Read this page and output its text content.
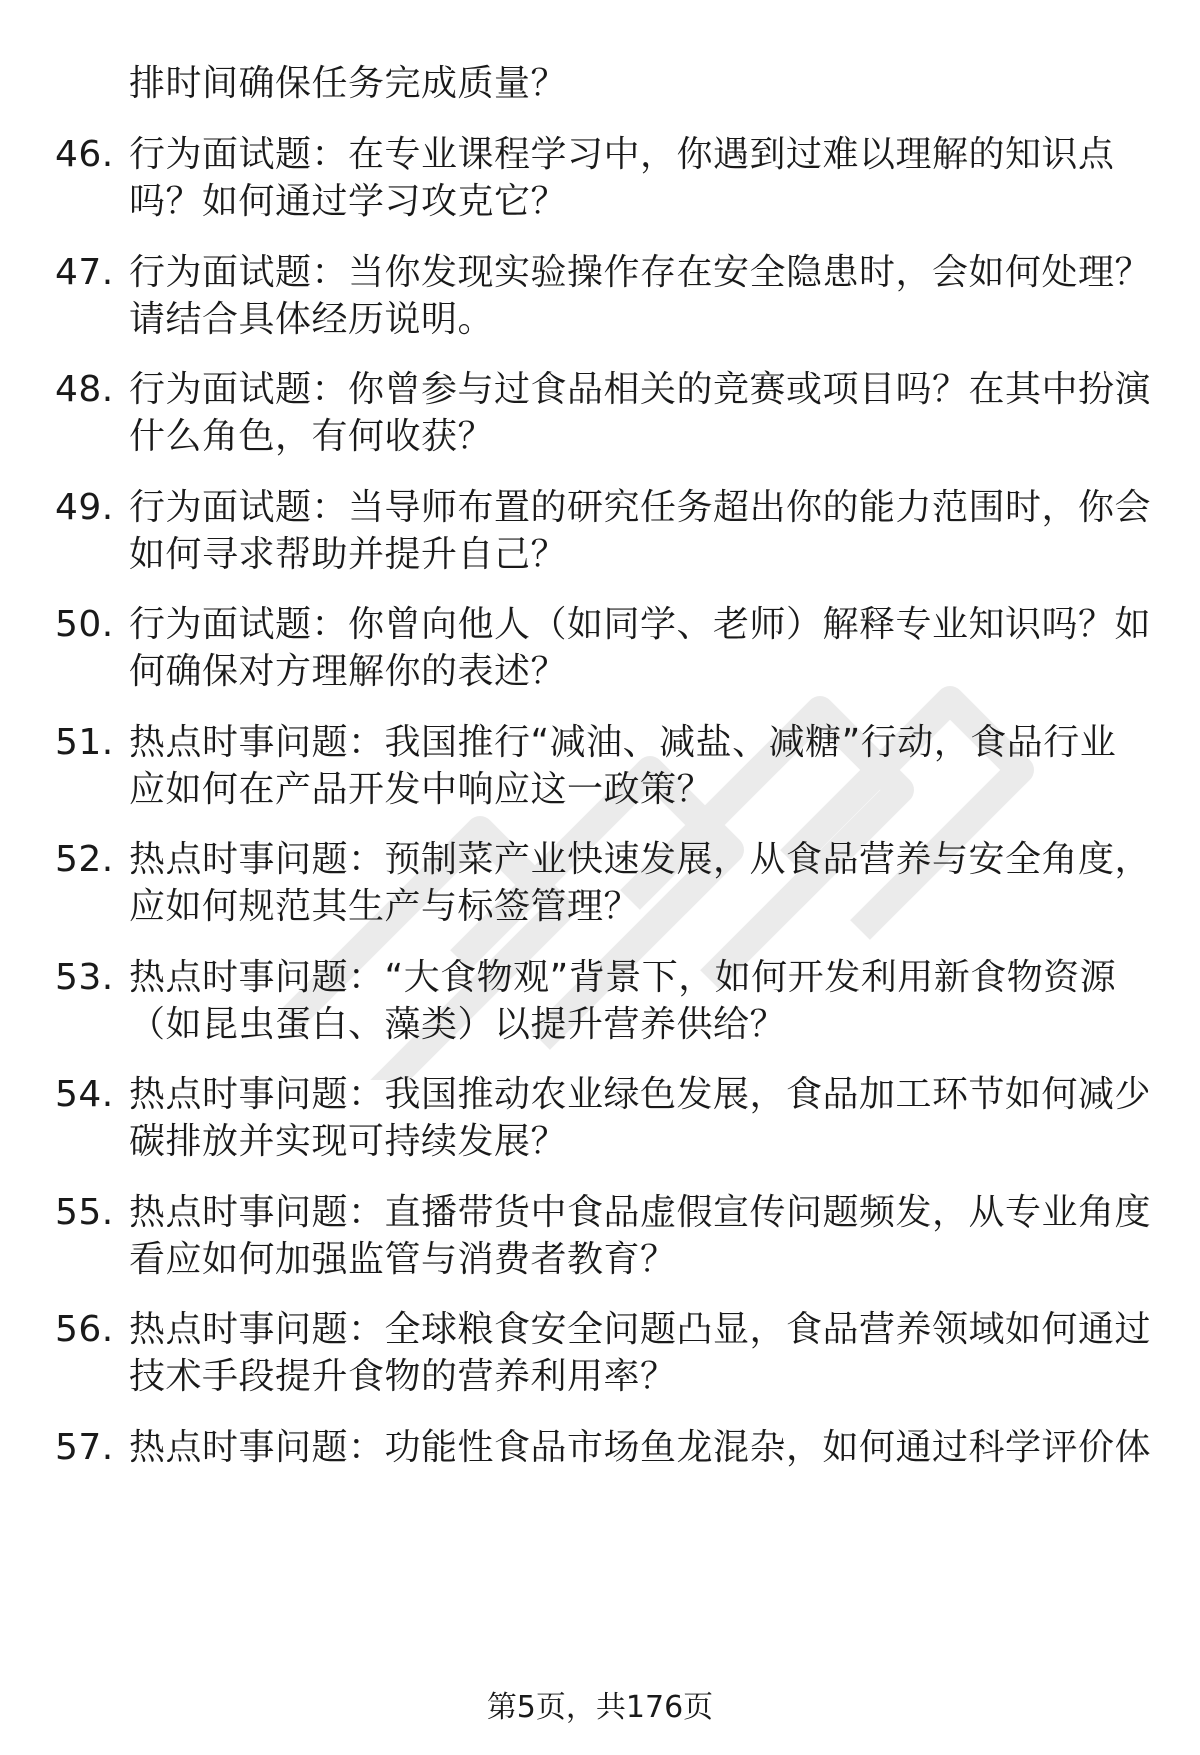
排时间确保任务完成质量？
46. 行为面试题：在专业课程学习中，你遇到过难以理解的知识点
吗？如何通过学习攻克它？
47. 行为面试题：当你发现实验操作存在安全隐患时，会如何处理？
请结合具体经历说明。
48. 行为面试题：你曾参与过食品相关的竞赛或项目吗？在其中扮演
什么角色，有何收获？
49. 行为面试题：当导师布置的研究任务超出你的能力范围时，你会
如何寻求帮助并提升自己？
50. 行为面试题：你曾向他人（如同学、老师）解释专业知识吗？如
何确保对方理解你的表述？
51. 热点时事问题：我国推行“减油、减盐、减糖”行动，食品行业
应如何在产品开发中响应这一政策？
52. 热点时事问题：预制菜产业快速发展，从食品营养与安全角度，
应如何规范其生产与标签管理？
53. 热点时事问题：“大食物观”背景下，如何开发利用新食物资源
（如昆虫蛋白、藻类）以提升营养供给？
54. 热点时事问题：我国推动农业绿色发展，食品加工环节如何减少
碳排放并实现可持续发展？
55. 热点时事问题：直播带货中食品虚假宣传问题频发，从专业角度
看应如何加强监管与消费者教育？
56. 热点时事问题：全球粮食安全问题凸显，食品营养领域如何通过
技术手段提升食物的营养利用率？
57. 热点时事问题：功能性食品市场鱼龙混杂，如何通过科学评价体
第5页，共176页
